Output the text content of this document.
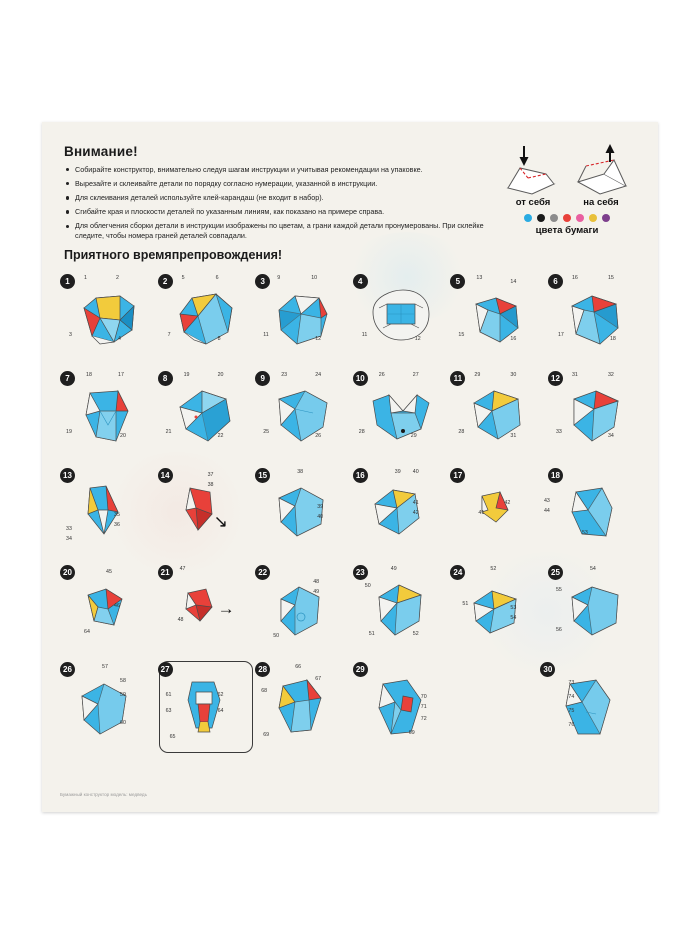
Внимание!
Собирайте конструктор, внимательно следуя шагам инструкции и учитывая рекомендации на упаковке.
Вырезайте и склеивайте детали по порядку согласно нумерации, указанной в инструкции.
Для склеивания деталей используйте клей-карандаш (не входит в набор).
Сгибайте края и плоскости деталей по указанным линиям, как показано на примере справа.
Для облегчения сборки детали в инструкции изображены по цветам, а грани каждой детали пронумерованы. При склейке следите, чтобы номера граней деталей совпадали.
Приятного времяпрепровождения!
от себя	на себя
цвета бумаги
1	1	2
3
4
2	5	6
7
8
3	9	10
11
12
4
11
12
5	13
14
15
16
6	16	15
17
18
7	18	17
19
20
8	19	20
21
22
9	23	24
25
26
10	26	27
28
29
11	29	30
28
31
12	31	32
33
34
13
33
34
35
36
14	37
38
↘
15	38
39
40
16	39 40
41
42
17
41
42
18
43
44
53
20	45
46
64
21	47
48
→
22
48
49
50
23	49
50
51	52
24	52
51
53
54
25	54
55
56
26	57
58
59
60
27
61	62
63	64
65
28	66
67
68
69
29
69
70
71
72
30
73
74
75
76
Бумажный конструктор модель: медведь
